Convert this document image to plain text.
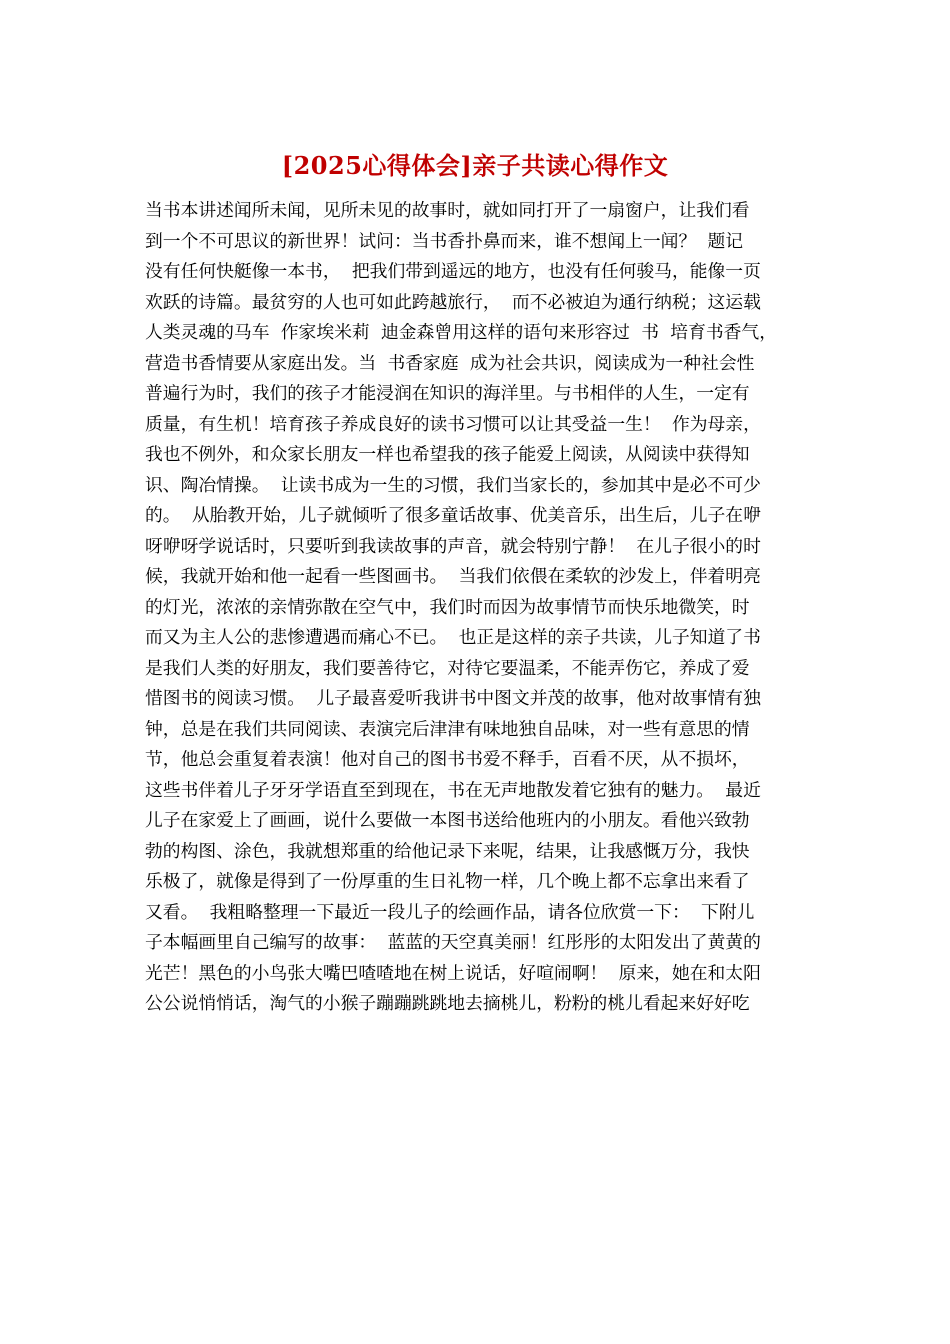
[2025心得体会]亲子共读心得作文
当书本讲述闻所未闻，见所未见的故事时，就如同打开了一扇窗户，让我们看
到一个不可思议的新世界！试问：当书香扑鼻而来，谁不想闻上一闻？  题记
没有任何快艇像一本书，  把我们带到遥远的地方，也没有任何骏马，能像一页
欢跃的诗篇。最贫穷的人也可如此跨越旅行，  而不必被迫为通行纳税；这运载
人类灵魂的马车  作家埃米莉  迪金森曾用这样的语句来形容过  书  培育书香气，
营造书香情要从家庭出发。当  书香家庭  成为社会共识，阅读成为一种社会性
普遍行为时，我们的孩子才能浸润在知识的海洋里。与书相伴的人生，一定有
质量，有生机！培育孩子养成良好的读书习惯可以让其受益一生！  作为母亲，
我也不例外，和众家长朋友一样也希望我的孩子能爱上阅读，从阅读中获得知
识、陶冶情操。  让读书成为一生的习惯，我们当家长的，参加其中是必不可少
的。  从胎教开始，儿子就倾听了很多童话故事、优美音乐，出生后，儿子在咿
呀咿呀学说话时，只要听到我读故事的声音，就会特别宁静！  在儿子很小的时
候，我就开始和他一起看一些图画书。  当我们依偎在柔软的沙发上，伴着明亮
的灯光，浓浓的亲情弥散在空气中，我们时而因为故事情节而快乐地微笑，时
而又为主人公的悲惨遭遇而痛心不已。  也正是这样的亲子共读，儿子知道了书
是我们人类的好朋友，我们要善待它，对待它要温柔，不能弄伤它，养成了爱
惜图书的阅读习惯。  儿子最喜爱听我讲书中图文并茂的故事，他对故事情有独
钟，总是在我们共同阅读、表演完后津津有味地独自品味，对一些有意思的情
节，他总会重复着表演！他对自己的图书书爱不释手，百看不厌，从不损坏，
这些书伴着儿子牙牙学语直至到现在，书在无声地散发着它独有的魅力。  最近
儿子在家爱上了画画，说什么要做一本图书送给他班内的小朋友。看他兴致勃
勃的构图、涂色，我就想郑重的给他记录下来呢，结果，让我感慨万分，我快
乐极了，就像是得到了一份厚重的生日礼物一样，几个晚上都不忘拿出来看了
又看。  我粗略整理一下最近一段儿子的绘画作品，请各位欣赏一下：  下附儿
子本幅画里自己编写的故事：  蓝蓝的天空真美丽！红彤彤的太阳发出了黄黄的
光芒！黑色的小鸟张大嘴巴喳喳地在树上说话，好喧闹啊！  原来，她在和太阳
公公说悄悄话，淘气的小猴子蹦蹦跳跳地去摘桃儿，粉粉的桃儿看起来好好吃
